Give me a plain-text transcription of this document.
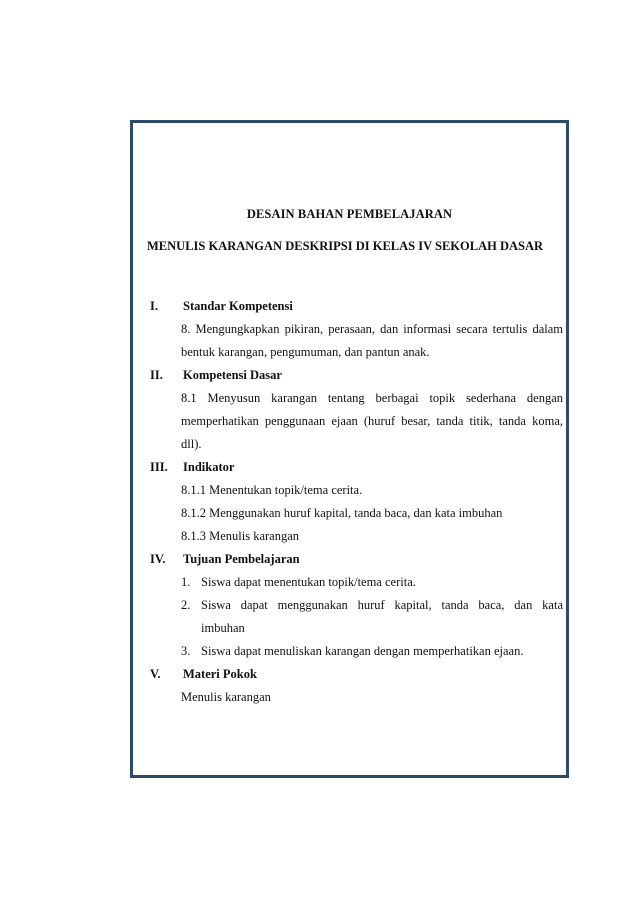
DESAIN BAHAN PEMBELAJARAN
MENULIS KARANGAN DESKRIPSI DI KELAS IV SEKOLAH DASAR
I. Standar Kompetensi
8. Mengungkapkan pikiran, perasaan, dan informasi secara tertulis dalam
bentuk karangan, pengumuman, dan pantun anak.
II. Kompetensi Dasar
8.1 Menyusun karangan tentang berbagai topik sederhana dengan
memperhatikan penggunaan ejaan (huruf besar, tanda titik, tanda koma,
dll).
III. Indikator
8.1.1 Menentukan topik/tema cerita.
8.1.2 Menggunakan huruf kapital, tanda baca, dan kata imbuhan
8.1.3 Menulis karangan
IV. Tujuan Pembelajaran
1. Siswa dapat menentukan topik/tema cerita.
2. Siswa dapat menggunakan huruf kapital, tanda baca, dan kata
imbuhan
3. Siswa dapat menuliskan karangan dengan memperhatikan ejaan.
V. Materi Pokok
Menulis karangan
